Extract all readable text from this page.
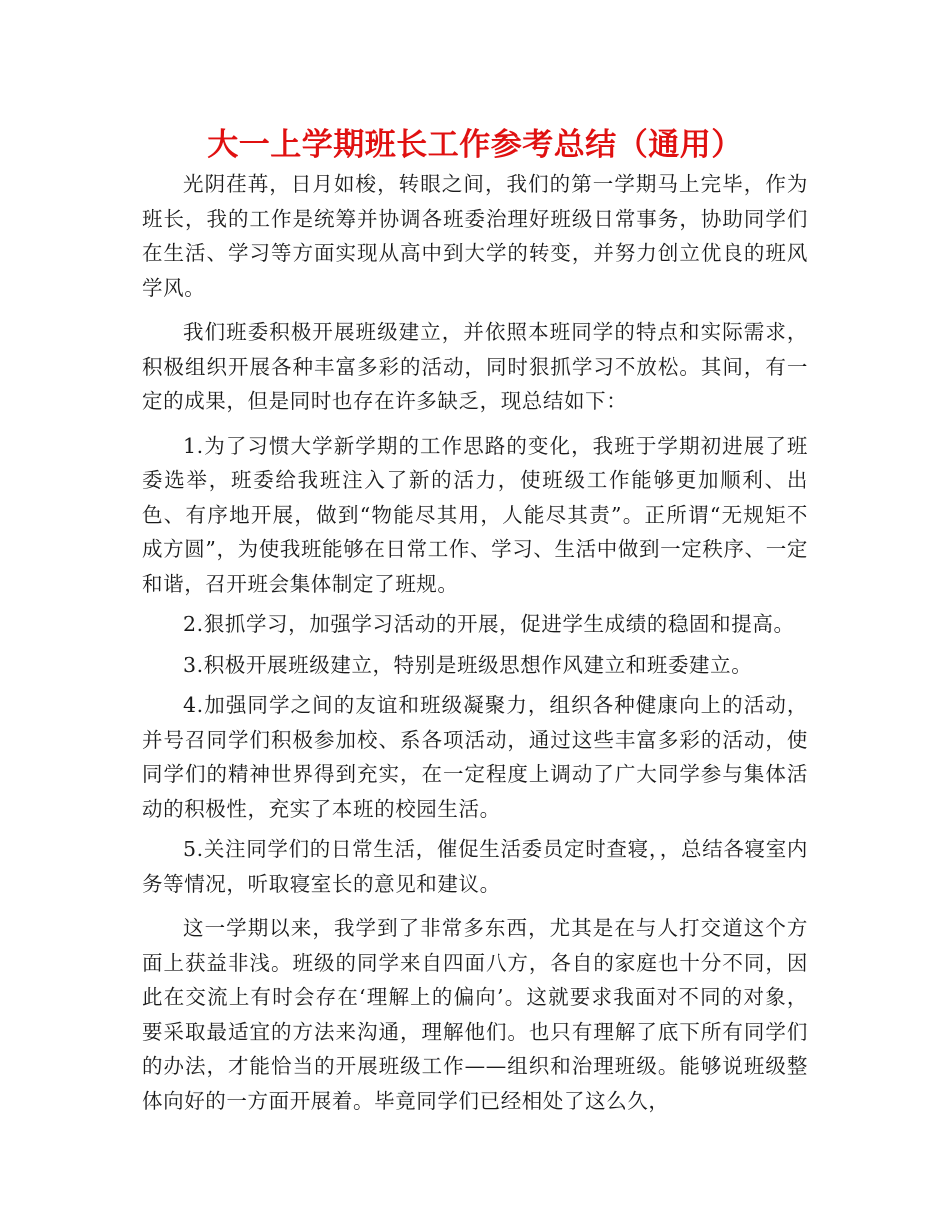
大一上学期班长工作参考总结（通用）

光阴荏苒，日月如梭，转眼之间，我们的第一学期马上完毕，作为班长，我的工作是统筹并协调各班委治理好班级日常事务，协助同学们在生活、学习等方面实现从高中到大学的转变，并努力创立优良的班风学风。

我们班委积极开展班级建立，并依照本班同学的特点和实际需求，积极组织开展各种丰富多彩的活动，同时狠抓学习不放松。其间，有一定的成果，但是同时也存在许多缺乏，现总结如下：

1.为了习惯大学新学期的工作思路的变化，我班于学期初进展了班委选举，班委给我班注入了新的活力，使班级工作能够更加顺利、出色、有序地开展，做到“物能尽其用，人能尽其责”。正所谓“无规矩不成方圆”，为使我班能够在日常工作、学习、生活中做到一定秩序、一定和谐，召开班会集体制定了班规。

2.狠抓学习，加强学习活动的开展，促进学生成绩的稳固和提高。

3.积极开展班级建立，特别是班级思想作风建立和班委建立。

4.加强同学之间的友谊和班级凝聚力，组织各种健康向上的活动，并号召同学们积极参加校、系各项活动，通过这些丰富多彩的活动，使同学们的精神世界得到充实，在一定程度上调动了广大同学参与集体活动的积极性，充实了本班的校园生活。

5.关注同学们的日常生活，催促生活委员定时查寝，，总结各寝室内务等情况，听取寝室长的意见和建议。

这一学期以来，我学到了非常多东西，尤其是在与人打交道这个方面上获益非浅。班级的同学来自四面八方，各自的家庭也十分不同，因此在交流上有时会存在‘理解上的偏向’。这就要求我面对不同的对象，要采取最适宜的方法来沟通，理解他们。也只有理解了底下所有同学们的办法，才能恰当的开展班级工作——组织和治理班级。能够说班级整体向好的一方面开展着。毕竟同学们已经相处了这么久，
